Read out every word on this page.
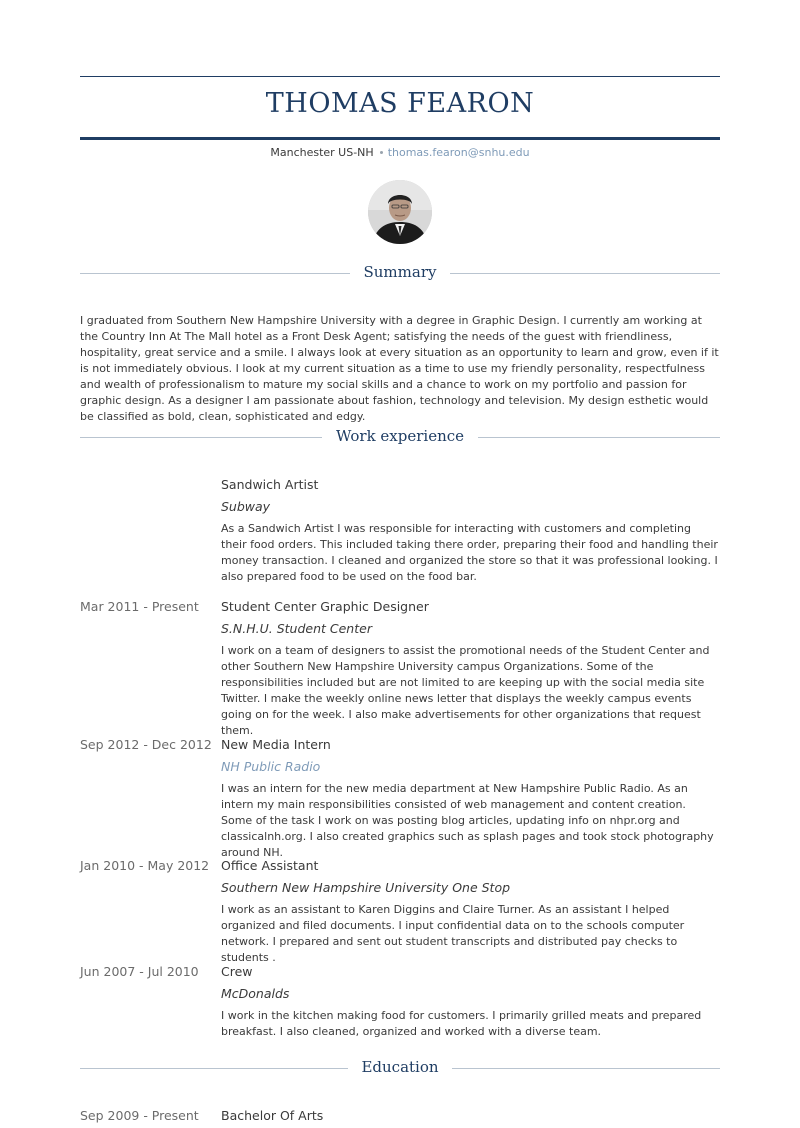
THOMAS FEARON
Manchester US-NH thomas.fearon@snhu.edu
Summary
I graduated from Southern New Hampshire University with a degree in Graphic Design. I currently am working at the Country Inn At The Mall hotel as a Front Desk Agent; satisfying the needs of the guest with friendliness, hospitality, great service and a smile. I always look at every situation as an opportunity to learn and grow, even if it is not immediately obvious. I look at my current situation as a time to use my friendly personality, respectfulness and wealth of professionalism to mature my social skills and a chance to work on my portfolio and passion for graphic design. As a designer I am passionate about fashion, technology and television. My design esthetic would be classified as bold, clean, sophisticated and edgy.
Work experience
Sandwich Artist
Subway
As a Sandwich Artist I was responsible for interacting with customers and completing their food orders. This included taking there order, preparing their food and handling their money transaction. I cleaned and organized the store so that it was professional looking. I also prepared food to be used on the food bar.
Mar 2011 - Present Student Center Graphic Designer
S.N.H.U. Student Center
I work on a team of designers to assist the promotional needs of the Student Center and other Southern New Hampshire University campus Organizations. Some of the responsibilities included but are not limited to are keeping up with the social media site Twitter. I make the weekly online news letter that displays the weekly campus events going on for the week. I also make advertisements for other organizations that request them.
Sep 2012 - Dec 2012 New Media Intern
NH Public Radio
I was an intern for the new media department at New Hampshire Public Radio. As an intern my main responsibilities consisted of web management and content creation. Some of the task I work on was posting blog articles, updating info on nhpr.org and classicalnh.org. I also created graphics such as splash pages and took stock photography around NH.
Jan 2010 - May 2012 Office Assistant
Southern New Hampshire University One Stop
I work as an assistant to Karen Diggins and Claire Turner. As an assistant I helped organized and filed documents. I input confidential data on to the schools computer network. I prepared and sent out student transcripts and distributed pay checks to students .
Jun 2007 - Jul 2010 Crew
McDonalds
I work in the kitchen making food for customers. I primarily grilled meats and prepared breakfast. I also cleaned, organized and worked with a diverse team.
Education
Sep 2009 - Present Bachelor Of Arts
